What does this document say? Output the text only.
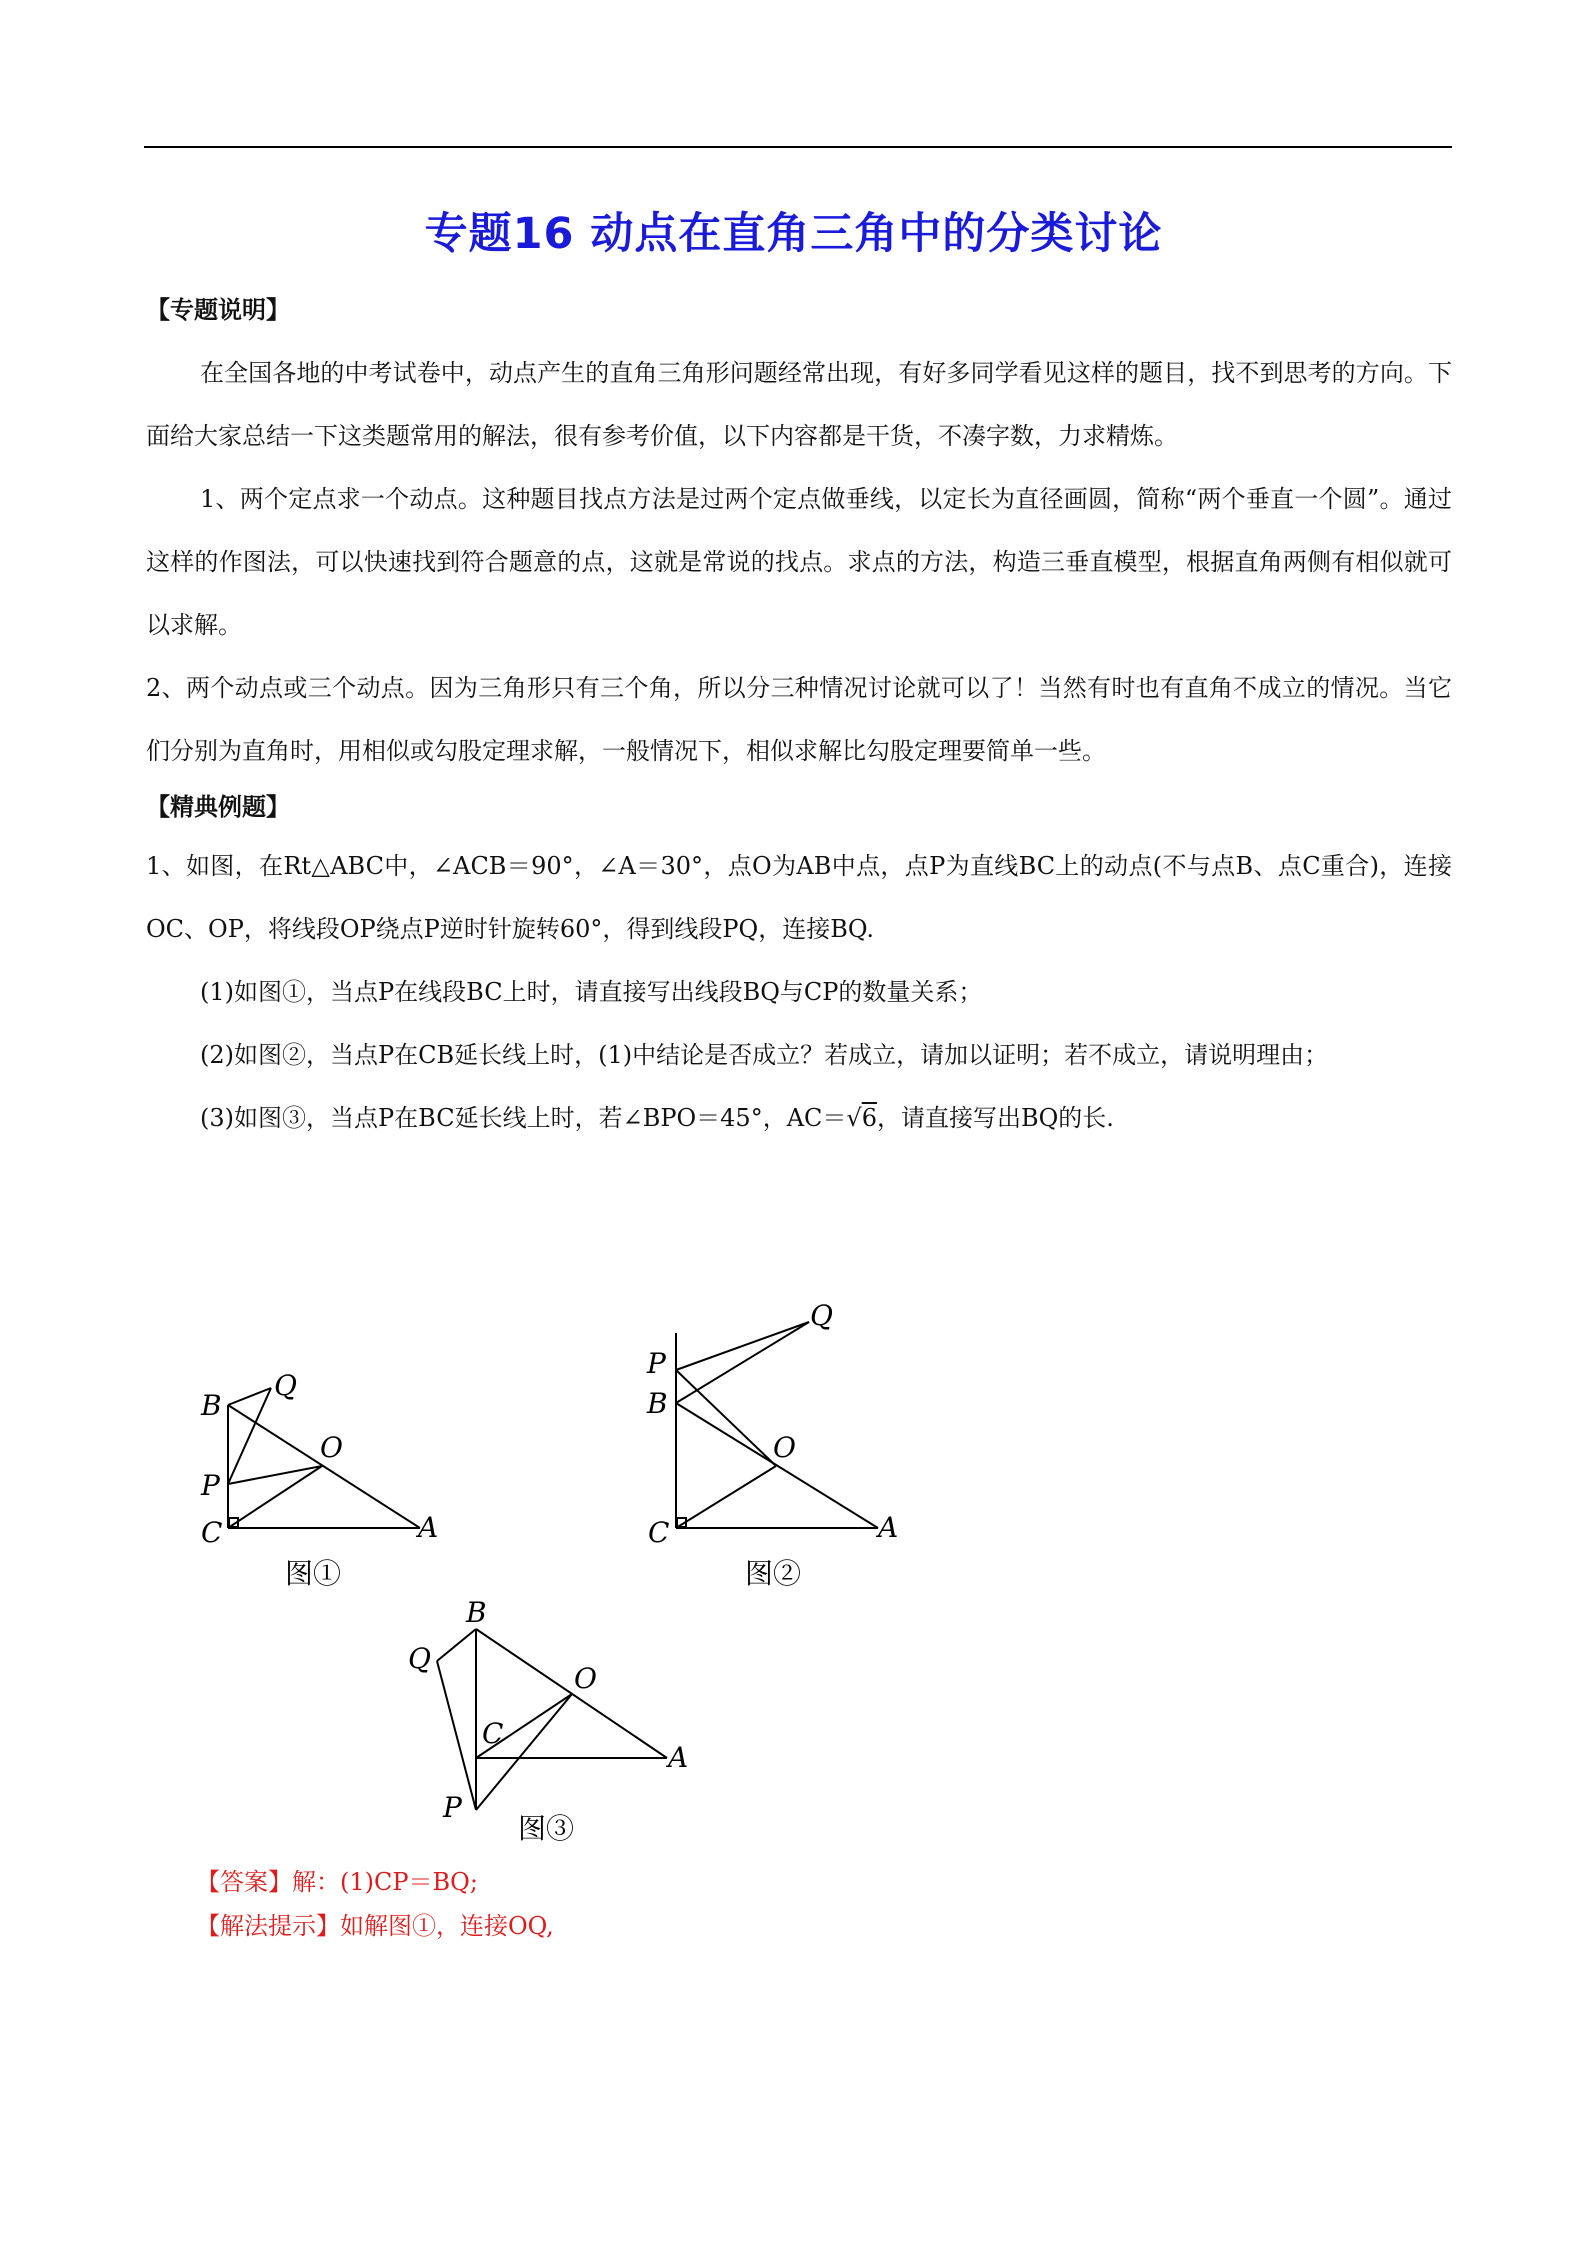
专题16 动点在直角三角中的分类讨论

【专题说明】

在全国各地的中考试卷中，动点产生的直角三角形问题经常出现，有好多同学看见这样的题目，找不到思考的方向。下面给大家总结一下这类题常用的解法，很有参考价值，以下内容都是干货，不凑字数，力求精炼。

1、两个定点求一个动点。这种题目找点方法是过两个定点做垂线，以定长为直径画圆，简称“两个垂直一个圆”。通过这样的作图法，可以快速找到符合题意的点，这就是常说的找点。求点的方法，构造三垂直模型，根据直角两侧有相似就可以求解。

2、两个动点或三个动点。因为三角形只有三个角，所以分三种情况讨论就可以了！当然有时也有直角不成立的情况。当它们分别为直角时，用相似或勾股定理求解，一般情况下，相似求解比勾股定理要简单一些。

【精典例题】

1、如图，在Rt△ABC中，∠ACB＝90°，∠A＝30°，点O为AB中点，点P为直线BC上的动点(不与点B、点C重合)，连接OC、OP，将线段OP绕点P逆时针旋转60°，得到线段PQ，连接BQ.

(1)如图①，当点P在线段BC上时，请直接写出线段BQ与CP的数量关系；

(2)如图②，当点P在CB延长线上时，(1)中结论是否成立？若成立，请加以证明；若不成立，请说明理由；

(3)如图③，当点P在BC延长线上时，若∠BPO＝45°，AC＝√6，请直接写出BQ的长.

B
Q
P
O
C	A
Q
P
B
O
C	A
B
Q
O
C
A
P
图①	图②
图③
【答案】解：(1)CP＝BQ;
【解法提示】如解图①，连接OQ,
